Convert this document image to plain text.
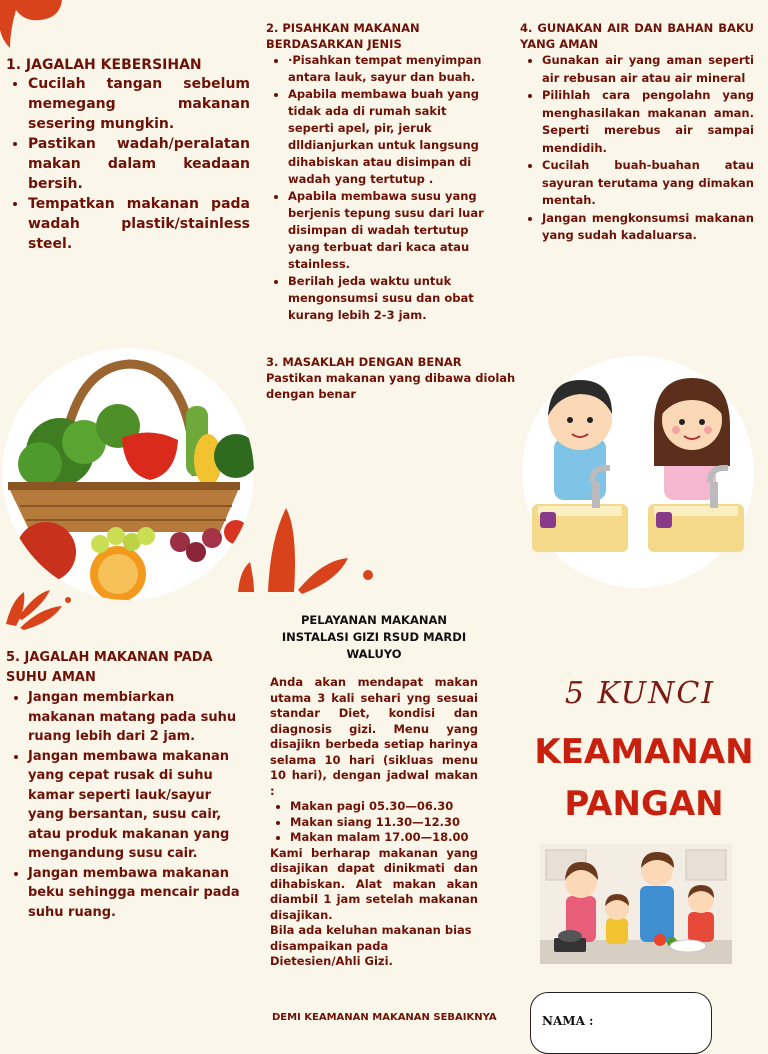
1. JAGALAH KEBERSIHAN

• Cucilah tangan sebelum memegang makanan sesering mungkin.
• Pastikan wadah/peralatan makan dalam keadaan bersih.
• Tempatkan makanan pada wadah plastik/stainless steel.

2. PISAHKAN MAKANAN BERDASARKAN JENIS

• ·Pisahkan tempat menyimpan antara lauk, sayur dan buah.
• Apabila membawa buah yang tidak ada di rumah sakit seperti apel, pir, jeruk dlldianjurkan untuk langsung dihabiskan atau disimpan di wadah yang tertutup .
• Apabila membawa susu yang berjenis tepung susu dari luar disimpan di wadah tertutup yang terbuat dari kaca atau stainless.
• Berilah jeda waktu untuk mengonsumsi susu dan obat kurang lebih 2-3 jam.

3. MASAKLAH DENGAN BENAR

Pastikan makanan yang dibawa diolah dengan benar

4. GUNAKAN AIR DAN BAHAN BAKU YANG AMAN

• Gunakan air yang aman seperti air rebusan air atau air mineral
• Pilihlah cara pengolahn yang menghasilakan makanan aman. Seperti merebus air sampai mendidih.
• Cucilah buah-buahan atau sayuran terutama yang dimakan mentah.
• Jangan mengkonsumsi makanan yang sudah kadaluarsa.

5. JAGALAH MAKANAN PADA SUHU AMAN

• Jangan membiarkan makanan matang pada suhu ruang lebih dari 2 jam.
• Jangan membawa makanan yang cepat rusak di suhu kamar seperti lauk/sayur yang bersantan, susu cair, atau produk makanan yang mengandung susu cair.
• Jangan membawa makanan beku sehingga mencair pada suhu ruang.

PELAYANAN MAKANAN INSTALASI GIZI RSUD MARDI WALUYO

Anda akan mendapat makan utama 3 kali sehari yng sesuai standar Diet, kondisi dan diagnosis gizi. Menu yang disajikn berbeda setiap harinya selama 10 hari (sikluas menu 10 hari), dengan jadwal makan :

• Makan pagi 05.30—06.30
• Makan siang 11.30—12.30
• Makan malam 17.00—18.00

Kami berharap makanan yang disajikan dapat dinikmati dan dihabiskan. Alat makan akan diambil 1 jam setelah makanan disajikan.

Bila ada keluhan makanan bias disampaikan pada Dietesien/Ahli Gizi.

DEMI KEAMANAN MAKANAN SEBAIKNYA
5 KUNCI
KEAMANAN
PANGAN
NAMA :
